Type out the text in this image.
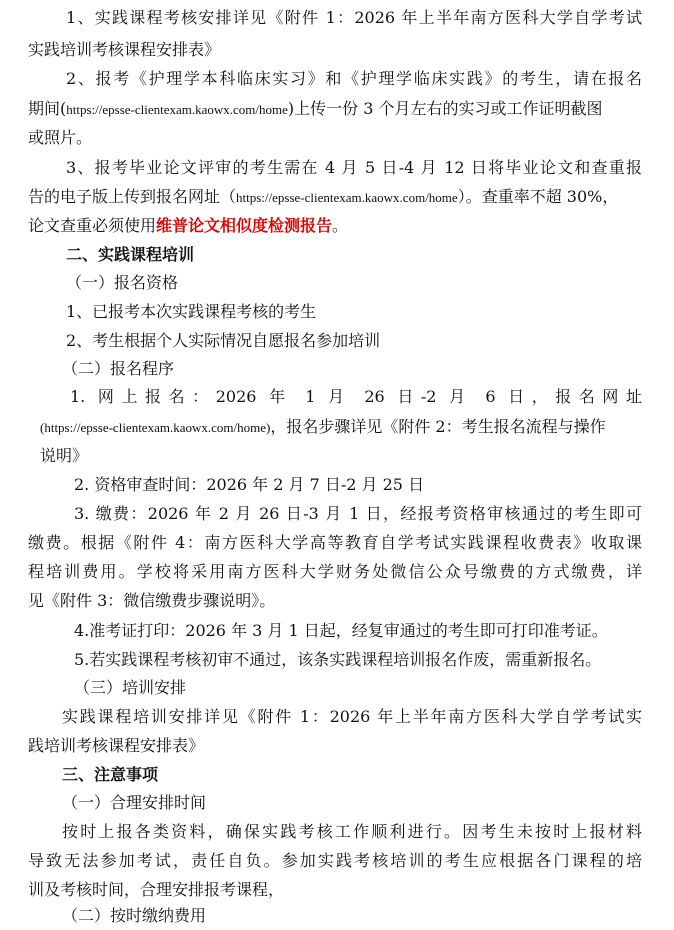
1、实践课程考核安排详见《附件 1：2026 年上半年南方医科大学自学考试
实践培训考核课程安排表》
2、报考《护理学本科临床实习》和《护理学临床实践》的考生，请在报名
期间(https://epsse-clientexam.kaowx.com/home)上传一份 3 个月左右的实习或工作证明截图
或照片。
3、报考毕业论文评审的考生需在 4 月 5 日-4 月 12 日将毕业论文和查重报
告的电子版上传到报名网址（https://epsse-clientexam.kaowx.com/home）。查重率不超 30%，
论文查重必须使用维普论文相似度检测报告。
二、实践课程培训
（一）报名资格
1、已报考本次实践课程考核的考生
2、考生根据个人实际情况自愿报名参加培训
（二）报名程序
1. 网上报名：2026 年 1 月 26 日-2 月 6 日，报名网址
(https://epsse-clientexam.kaowx.com/home)，报名步骤详见《附件 2：考生报名流程与操作
说明》
2. 资格审查时间：2026 年 2 月 7 日-2 月 25 日
3. 缴费：2026 年 2 月 26 日-3 月 1 日，经报考资格审核通过的考生即可
缴费。根据《附件 4：南方医科大学高等教育自学考试实践课程收费表》收取课
程培训费用。学校将采用南方医科大学财务处微信公众号缴费的方式缴费，详
见《附件 3：微信缴费步骤说明》。
4.准考证打印：2026 年 3 月 1 日起，经复审通过的考生即可打印准考证。
5.若实践课程考核初审不通过，该条实践课程培训报名作废，需重新报名。
（三）培训安排
实践课程培训安排详见《附件 1：2026 年上半年南方医科大学自学考试实
践培训考核课程安排表》
三、注意事项
（一）合理安排时间
按时上报各类资料，确保实践考核工作顺利进行。因考生未按时上报材料
导致无法参加考试，责任自负。参加实践考核培训的考生应根据各门课程的培
训及考核时间，合理安排报考课程，
（二）按时缴纳费用
